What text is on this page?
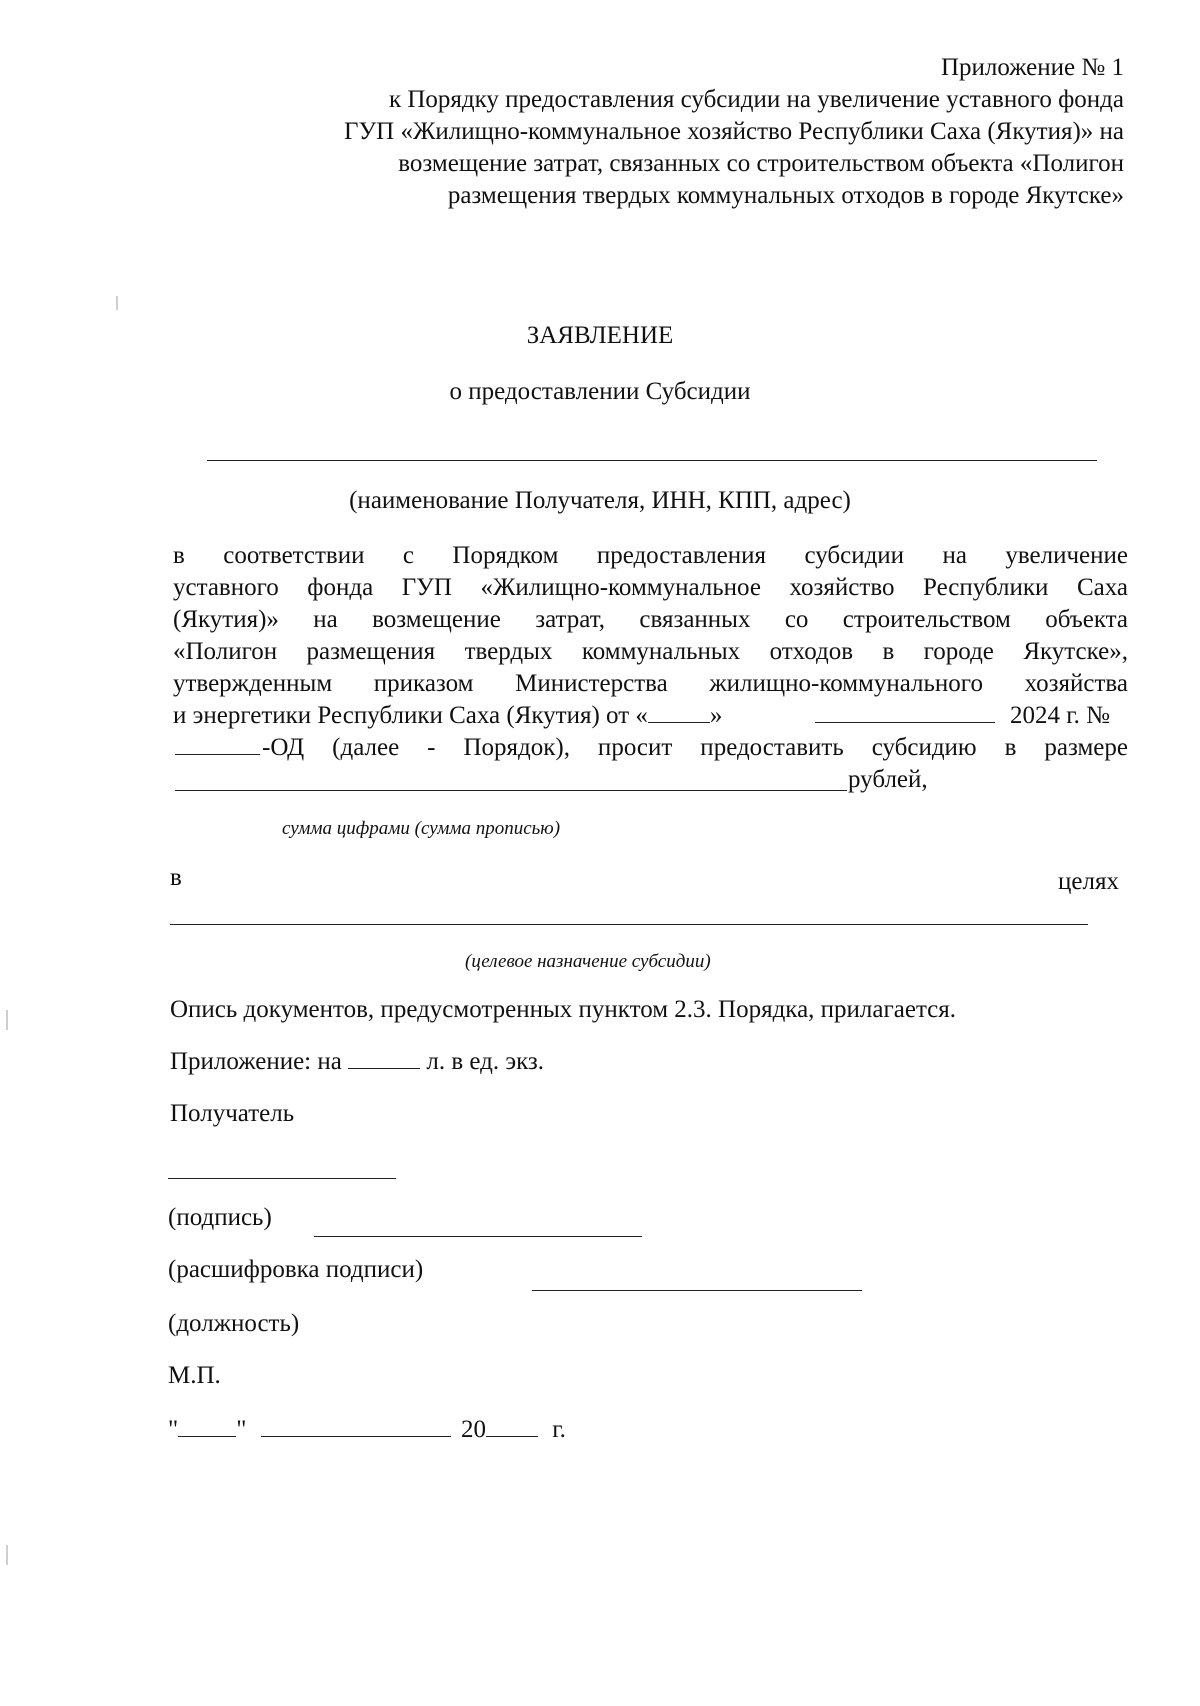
Приложение № 1
к Порядку предоставления субсидии на увеличение уставного фонда
ГУП «Жилищно-коммунальное хозяйство Республики Саха (Якутия)» на
возмещение затрат, связанных со строительством объекта «Полигон
размещения твердых коммунальных отходов в городе Якутске»
ЗАЯВЛЕНИЕ
о предоставлении Субсидии
(наименование Получателя, ИНН, КПП, адрес)
в соответствии с Порядком предоставления субсидии на увеличение
уставного фонда ГУП «Жилищно-коммунальное хозяйство Республики Саха
(Якутия)» на возмещение затрат, связанных со строительством объекта
«Полигон размещения твердых коммунальных отходов в городе Якутске»,
утвержденным приказом Министерства жилищно-коммунального хозяйства
и энергетики Республики Саха (Якутия) от « »	2024 г. №
-ОД (далее - Порядок), просит предоставить субсидию в размере
рублей,
сумма цифрами (сумма прописью)
в	целях
(целевое назначение субсидии)
Опись документов, предусмотренных пунктом 2.3. Порядка, прилагается.
Приложение: на	л. в ед. экз.
Получатель
(подпись)
(расшифровка подписи)
(должность)
М.П.
" "	20	г.
